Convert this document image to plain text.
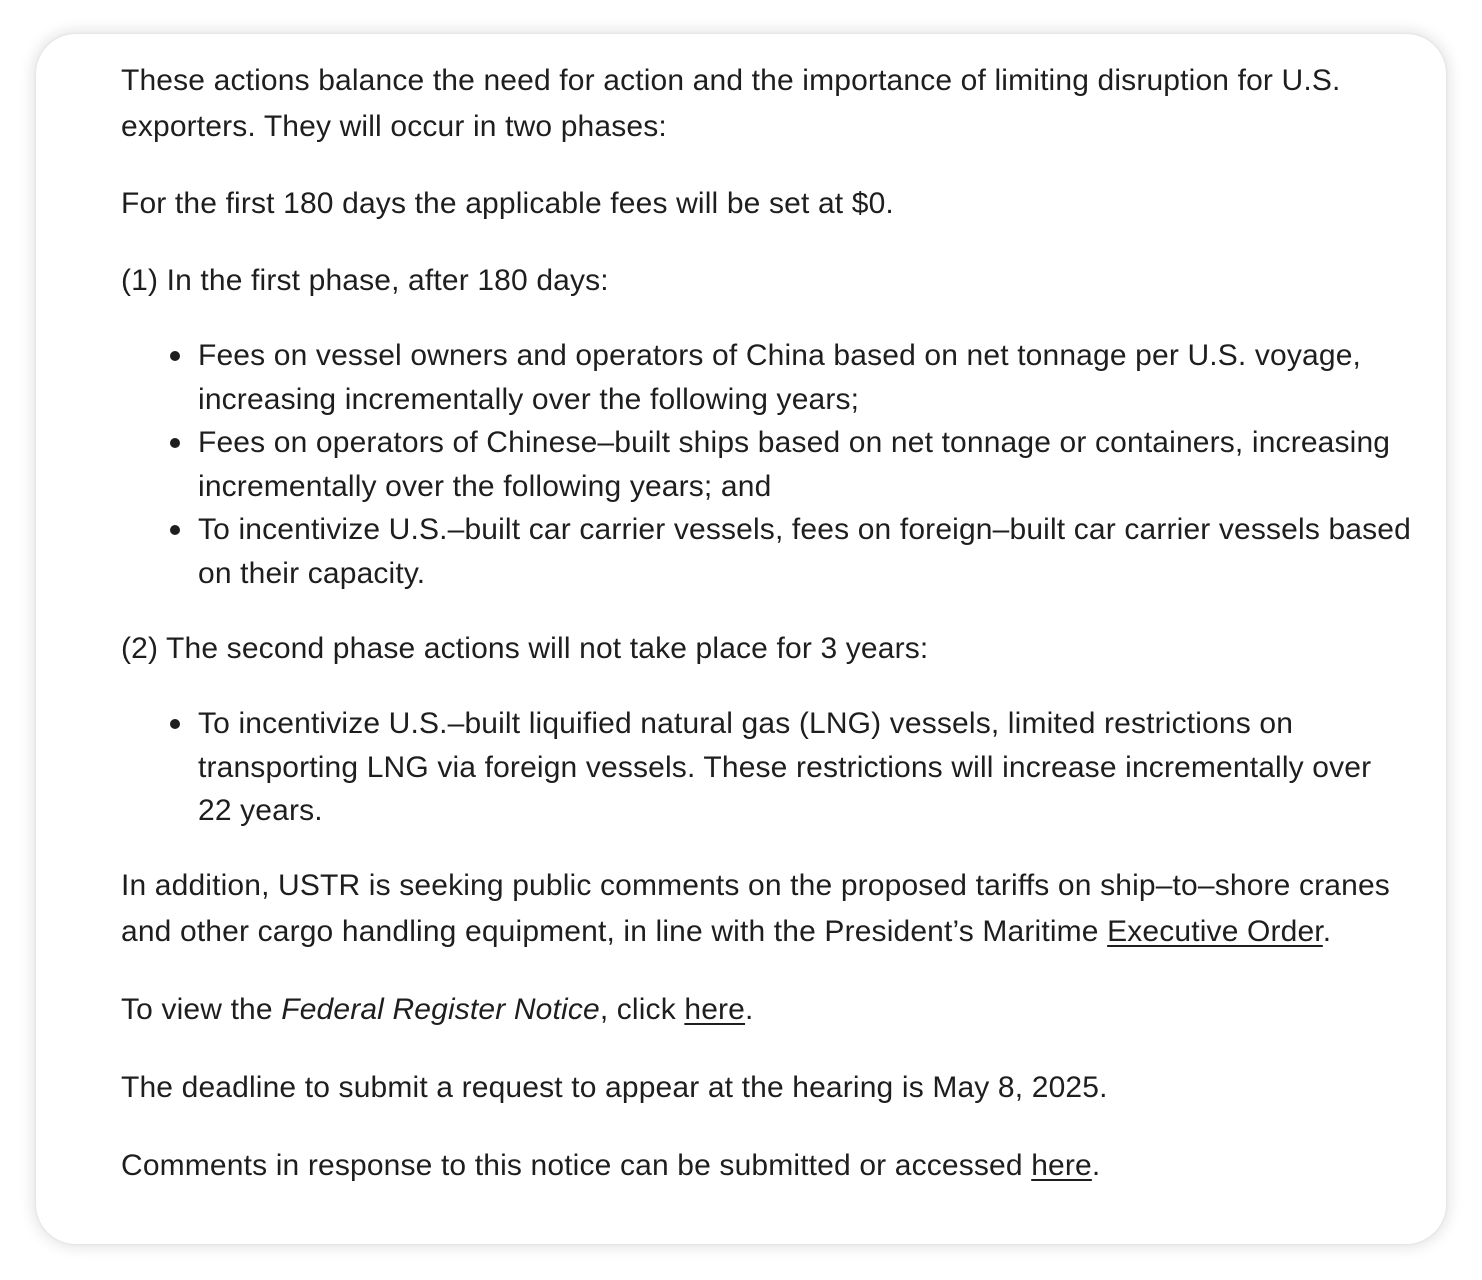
These actions balance the need for action and the importance of limiting disruption for U.S. exporters. They will occur in two phases:

For the first 180 days the applicable fees will be set at $0.

(1) In the first phase, after 180 days:

Fees on vessel owners and operators of China based on net tonnage per U.S. voyage, increasing incrementally over the following years;
Fees on operators of Chinese–built ships based on net tonnage or containers, increasing incrementally over the following years; and
To incentivize U.S.–built car carrier vessels, fees on foreign–built car carrier vessels based on their capacity.

(2) The second phase actions will not take place for 3 years:

To incentivize U.S.–built liquified natural gas (LNG) vessels, limited restrictions on transporting LNG via foreign vessels. These restrictions will increase incrementally over 22 years.

In addition, USTR is seeking public comments on the proposed tariffs on ship–to–shore cranes and other cargo handling equipment, in line with the President’s Maritime Executive Order.

To view the Federal Register Notice, click here.

The deadline to submit a request to appear at the hearing is May 8, 2025.

Comments in response to this notice can be submitted or accessed here.
